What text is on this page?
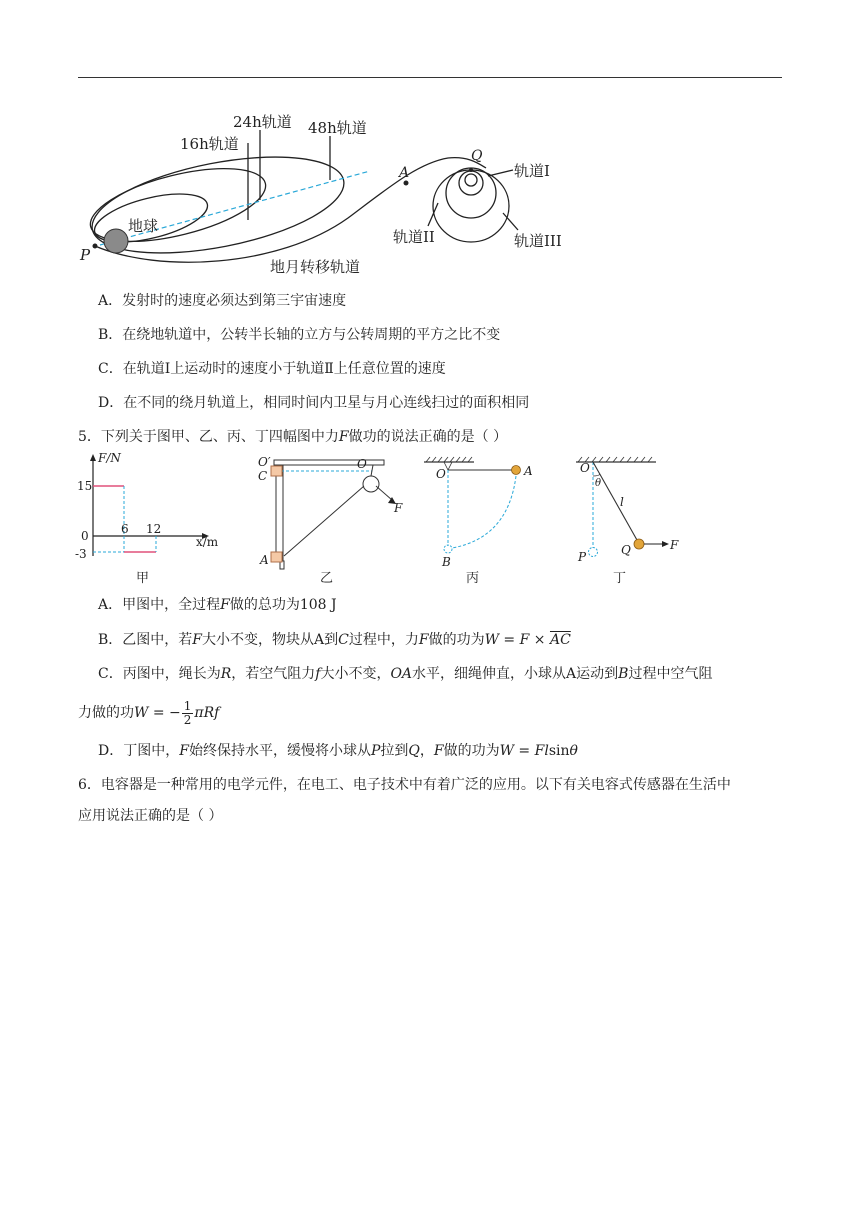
16h轨道
24h轨道 48h轨道
地球
P
A
Q
轨道I
轨道II	轨道III
地月转移轨道
A．发射时的速度必须达到第三宇宙速度
B．在绕地轨道中，公转半长轴的立方与公转周期的平方之比不变
C．在轨道Ⅰ上运动时的速度小于轨道Ⅱ上任意位置的速度
D．在不同的绕月轨道上，相同时间内卫星与月心连线扫过的面积相同
5．下列关于图甲、乙、丙、丁四幅图中力F做功的说法正确的是（ ）
F/N
x/m
15
0
-3
6 12
甲
O′	O
C
A
F
乙
O	A
B
丙
O
θ
l
P	Q	F
丁
A．甲图中，全过程F做的总功为108 J
B．乙图中，若F大小不变，物块从A到C过程中，力F做的功为$W = F \times \overline{AC}$
C．丙图中，绳长为R，若空气阻力f大小不变，OA水平，细绳伸直，小球从A运动到B过程中空气阻
力做的功W = − $\frac{1}{2}$ πRf
D．丁图中，F始终保持水平，缓慢将小球从P拉到Q，F做的功为W = Flsinθ
6．电容器是一种常用的电学元件，在电工、电子技术中有着广泛的应用。以下有关电容式传感器在生活中
应用说法正确的是（ ）
